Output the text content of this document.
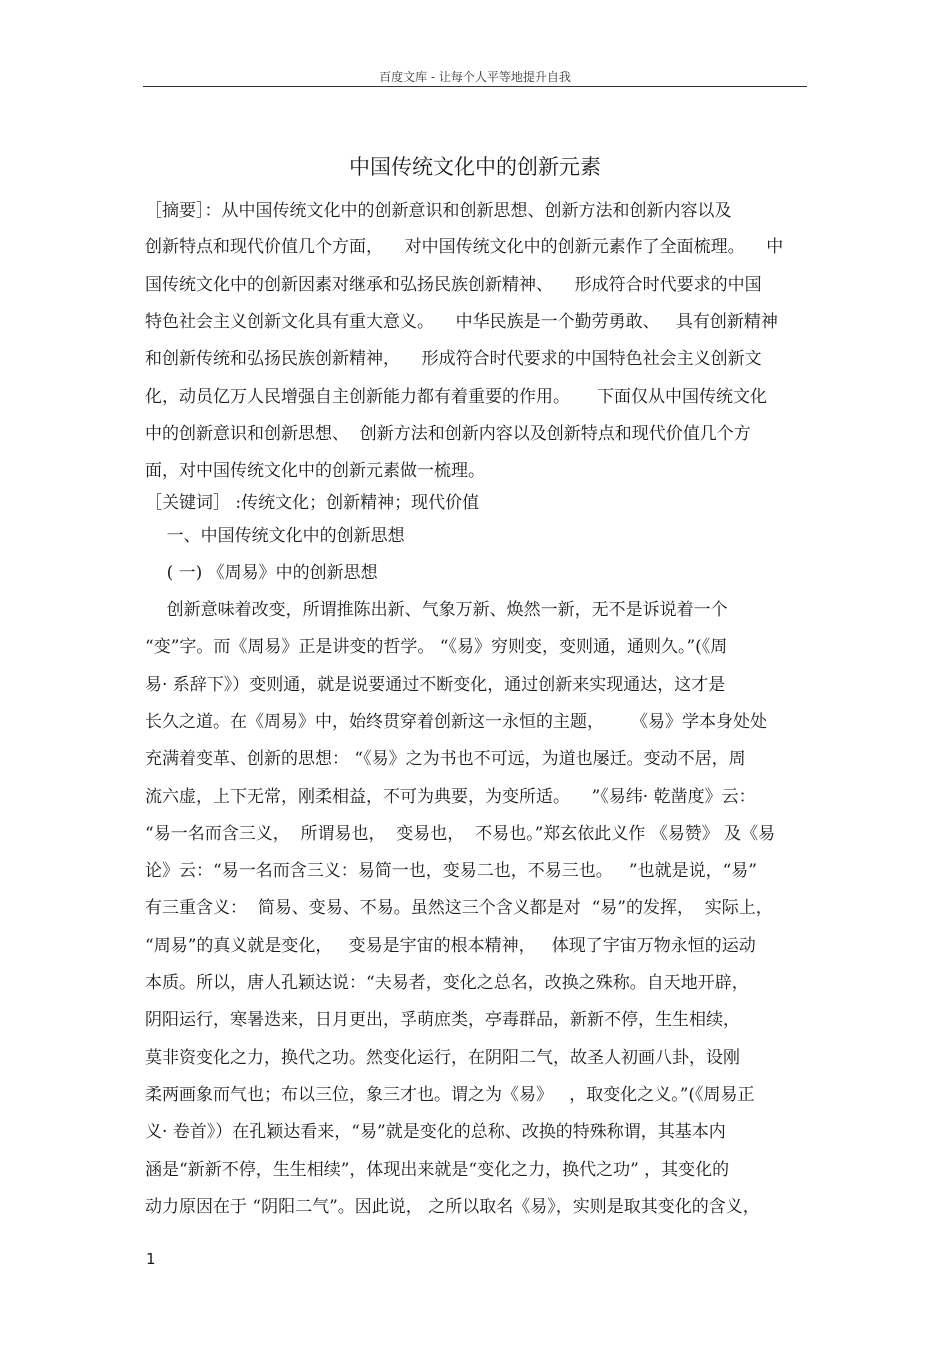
百度文库 - 让每个人平等地提升自我
中国传统文化中的创新元素
［摘要］：从中国传统文化中的创新意识和创新思想、创新方法和创新内容以及
创新特点和现代价值几个方面，    对中国传统文化中的创新元素作了全面梳理。    中
国传统文化中的创新因素对继承和弘扬民族创新精神、    形成符合时代要求的中国
特色社会主义创新文化具有重大意义。    中华民族是一个勤劳勇敢、   具有创新精神
和创新传统和弘扬民族创新精神，    形成符合时代要求的中国特色社会主义创新文
化，动员亿万人民增强自主创新能力都有着重要的作用。     下面仅从中国传统文化
中的创新意识和创新思想、  创新方法和创新内容以及创新特点和现代价值几个方
面，对中国传统文化中的创新元素做一梳理。
［关键词］ :传统文化；创新精神；现代价值
一、中国传统文化中的创新思想
( 一) 《周易》中的创新思想
创新意味着改变，所谓推陈出新、气象万新、焕然一新，无不是诉说着一个
“变”字。而《周易》正是讲变的哲学。 “《易》穷则变，变则通，通则久。”(《周
易· 系辞下》）变则通，就是说要通过不断变化，通过创新来实现通达，这才是
长久之道。在《周易》中，始终贯穿着创新这一永恒的主题，     《易》学本身处处
充满着变革、创新的思想： “《易》之为书也不可远，为道也屡迁。变动不居，周
流六虚，上下无常，刚柔相益，不可为典要，为变所适。    ”《易纬· 乾凿度》云：
“易一名而含三义，  所谓易也，  变易也，  不易也。”郑玄依此义作 《易赞》 及《易
论》云：“易一名而含三义：易简一也，变易二也，不易三也。   ”也就是说，“易”
有三重含义：  简易、变易、不易。虽然这三个含义都是对  “易”的发挥，  实际上，
“周易”的真义就是变化，   变易是宇宙的根本精神，   体现了宇宙万物永恒的运动
本质。所以，唐人孔颖达说：“夫易者，变化之总名，改换之殊称。自天地开辟，
阴阳运行，寒暑迭来，日月更出，孚萌庶类，亭毒群品，新新不停，生生相续，
莫非资变化之力，换代之功。然变化运行，在阴阳二气，故圣人初画八卦，设刚
柔两画象而气也；布以三位，象三才也。谓之为《易》   ，取变化之义。”(《周易正
义· 卷首》）在孔颖达看来，“易”就是变化的总称、改换的特殊称谓，其基本内
涵是“新新不停，生生相续”，体现出来就是“变化之力，换代之功” ，其变化的
动力原因在于 “阴阳二气”。因此说， 之所以取名《易》，实则是取其变化的含义，
1
